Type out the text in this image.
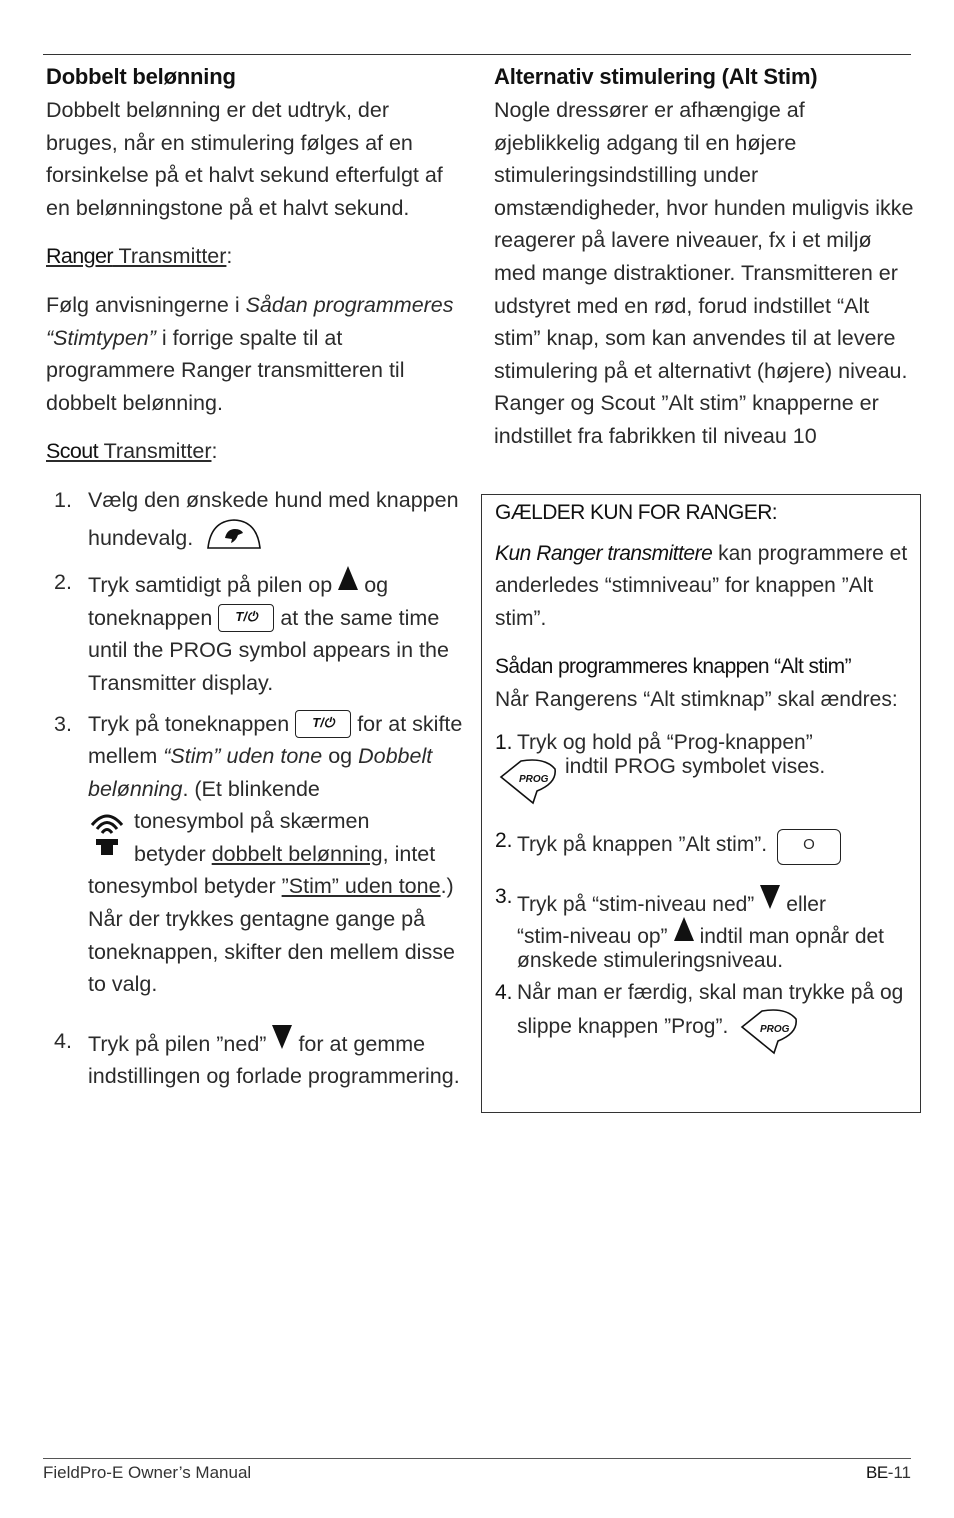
Dobbelt belønning

Dobbelt belønning er det udtryk, der bruges, når en stimulering følges af en forsinkelse på et halvt sekund efterfulgt af en belønningstone på et halvt sekund.

Ranger Transmitter:

Følg anvisningerne i Sådan programmeres “Stimtypen” i forrige spalte til at programmere Ranger transmitteren til dobbelt belønning.

Scout Transmitter:

1. Vælg den ønskede hund med knappen hundevalg.
2. Tryk samtidigt på pilen op og toneknappen	T/⏻	at the same time until the PROG symbol appears in the Transmitter display.
3. Tryk på toneknappen	T/⏻	for at skifte mellem “Stim” uden tone og Dobbelt belønning. (Et blinkende

tonesymbol på skærmen
betyder dobbelt belønning, intet tonesymbol betyder ”Stim” uden tone.) Når der trykkes gentagne gange på toneknappen, skifter den mellem disse to valg.
4. Tryk på pilen ”ned” for at gemme indstillingen og forlade programmering.
Alternativ stimulering (Alt Stim)

Nogle dressører er afhængige af øjeblikkelig adgang til en højere stimuleringsindstilling under omstændigheder, hvor hunden muligvis ikke reagerer på lavere niveauer, fx i et miljø med mange distraktioner. Transmitteren er udstyret med en rød, forud indstillet “Alt stim” knap, som kan anvendes til at levere stimulering på et alternativt (højere) niveau. Ranger og Scout ”Alt stim” knapperne er indstillet fra fabrikken til niveau 10

GÆLDER KUN FOR RANGER:

Kun Ranger transmittere kan programmere et anderledes “stimniveau” for knappen ”Alt stim”.

Sådan programmeres knappen “Alt stim”

Når Rangerens “Alt stimknap” skal ændres:

1. Tryk og hold på “Prog-knappen”

PROG
indtil PROG symbolet vises.
2. Tryk på knappen ”Alt stim”. O
3. Tryk på “stim-niveau ned” eller
“stim-niveau op” indtil man opnår det ønskede stimuleringsniveau.
4. Når man er færdig, skal man trykke på og slippe knappen ”Prog”.	PROG
FieldPro-E Owner’s Manual	BE-11
